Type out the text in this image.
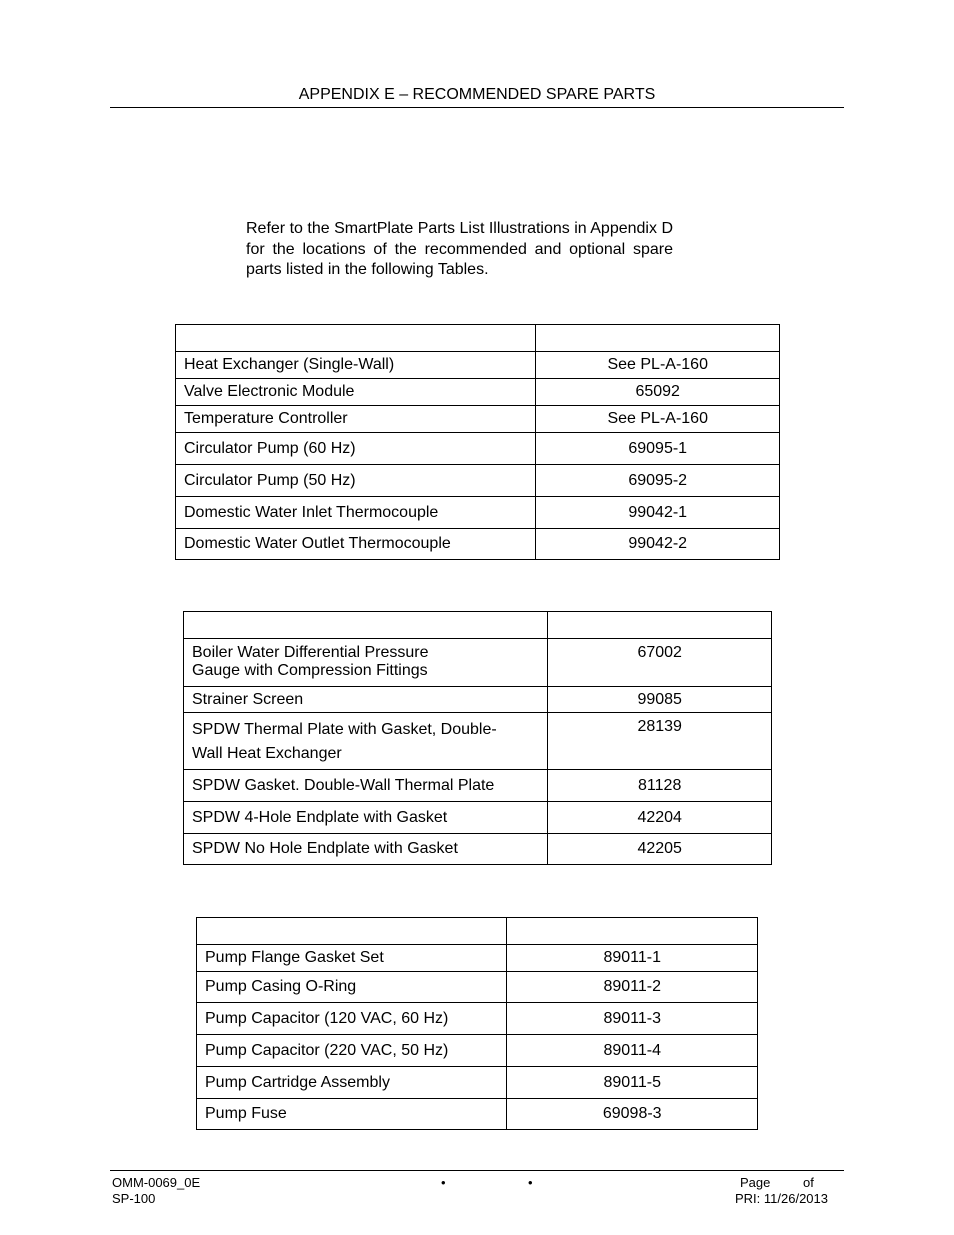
APPENDIX E – RECOMMENDED SPARE PARTS

Refer to the SmartPlate Parts List Illustrations in Appendix D for the locations of the recommended and optional spare parts listed in the following Tables.

Heat Exchanger (Single-Wall)	See PL-A-160
Valve Electronic Module	65092
Temperature Controller	See PL-A-160
Circulator Pump (60 Hz)	69095-1
Circulator Pump (50 Hz)	69095-2
Domestic Water Inlet Thermocouple	99042-1
Domestic Water Outlet Thermocouple	99042-2

Boiler Water Differential Pressure
Gauge with Compression Fittings	67002
Strainer Screen	99085

SPDW Thermal Plate with Gasket, Double-
Wall Heat Exchanger	28139
SPDW Gasket. Double-Wall Thermal Plate	81128
SPDW 4-Hole Endplate with Gasket	42204
SPDW No Hole Endplate with Gasket	42205

Pump Flange Gasket Set	89011-1
Pump Casing O-Ring	89011-2
Pump Capacitor (120 VAC, 60 Hz)	89011-3
Pump Capacitor (220 VAC, 50 Hz)	89011-4
Pump Cartridge Assembly	89011-5
Pump Fuse	69098-3
OMM-0069_0E
SP-100
•	•	Page	of
PRI: 11/26/2013
